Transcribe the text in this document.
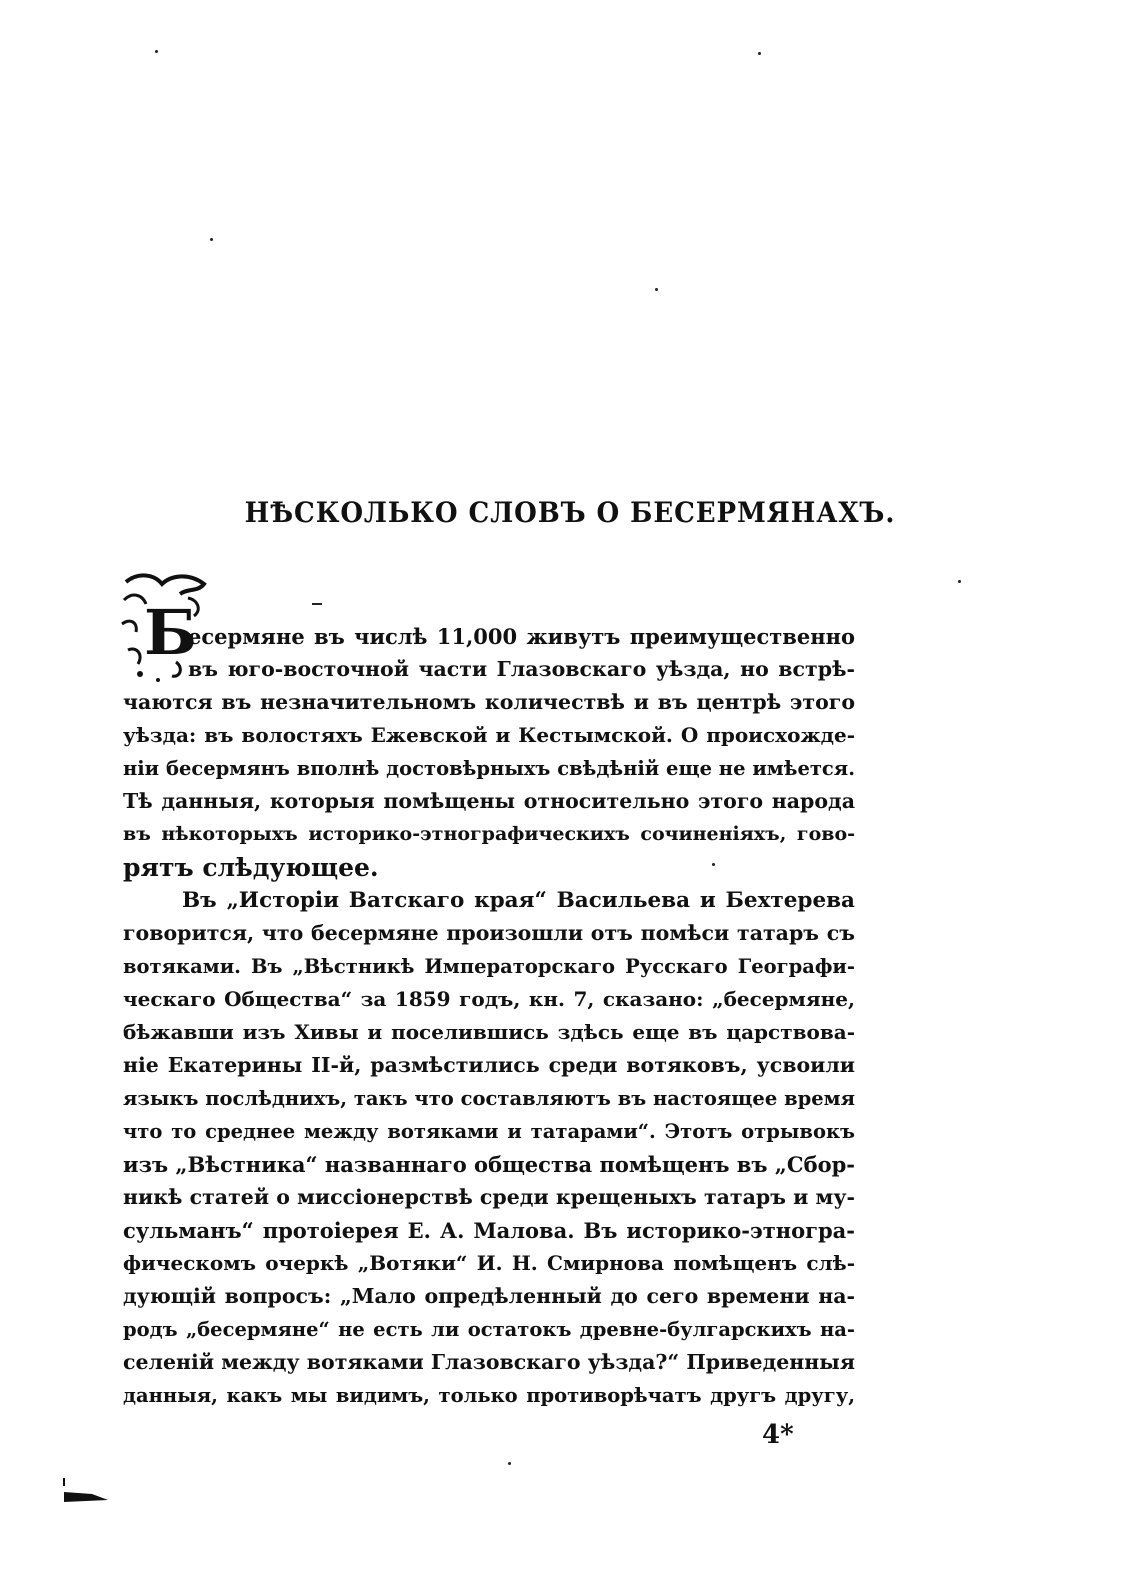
НѢСКОЛЬКО СЛОВЪ О БЕСЕРМЯНАХЪ.
Б
есермяне въ числѣ 11,000 живутъ преимущественно
въ юго-восточной части Глазовскаго уѣзда, но встрѣ-
чаются въ незначительномъ количествѣ и въ центрѣ этого
уѣзда: въ волостяхъ Ежевской и Кестымской. О происхожде-
ніи бесермянъ вполнѣ достовѣрныхъ свѣдѣній еще не имѣется.
Тѣ данныя, которыя помѣщены относительно этого народа
въ нѣкоторыхъ историко-этнографическихъ сочиненіяхъ, гово-
рятъ слѣдующее.
Въ „Исторіи Ватскаго края“ Васильева и Бехтерева
говорится, что бесермяне произошли отъ помѣси татаръ съ
вотяками. Въ „Вѣстникѣ Императорскаго Русскаго Географи-
ческаго Общества“ за 1859 годъ, кн. 7, сказано: „бесермяне,
бѣжавши изъ Хивы и поселившись здѣсь еще въ царствова-
ніе Екатерины II-й, размѣстились среди вотяковъ, усвоили
языкъ послѣднихъ, такъ что составляютъ въ настоящее время
что то среднее между вотяками и татарами“. Этотъ отрывокъ
изъ „Вѣстника“ названнаго общества помѣщенъ въ „Сбор-
никѣ статей о миссіонерствѣ среди крещеныхъ татаръ и му-
сульманъ“ протоіерея Е. А. Малова. Въ историко-этногра-
фическомъ очеркѣ „Вотяки“ И. Н. Смирнова помѣщенъ слѣ-
дующій вопросъ: „Мало опредѣленный до сего времени на-
родъ „бесермяне“ не есть ли остатокъ древне-булгарскихъ на-
селеній между вотяками Глазовскаго уѣзда?“ Приведенныя
данныя, какъ мы видимъ, только противорѣчатъ другъ другу,
4*
